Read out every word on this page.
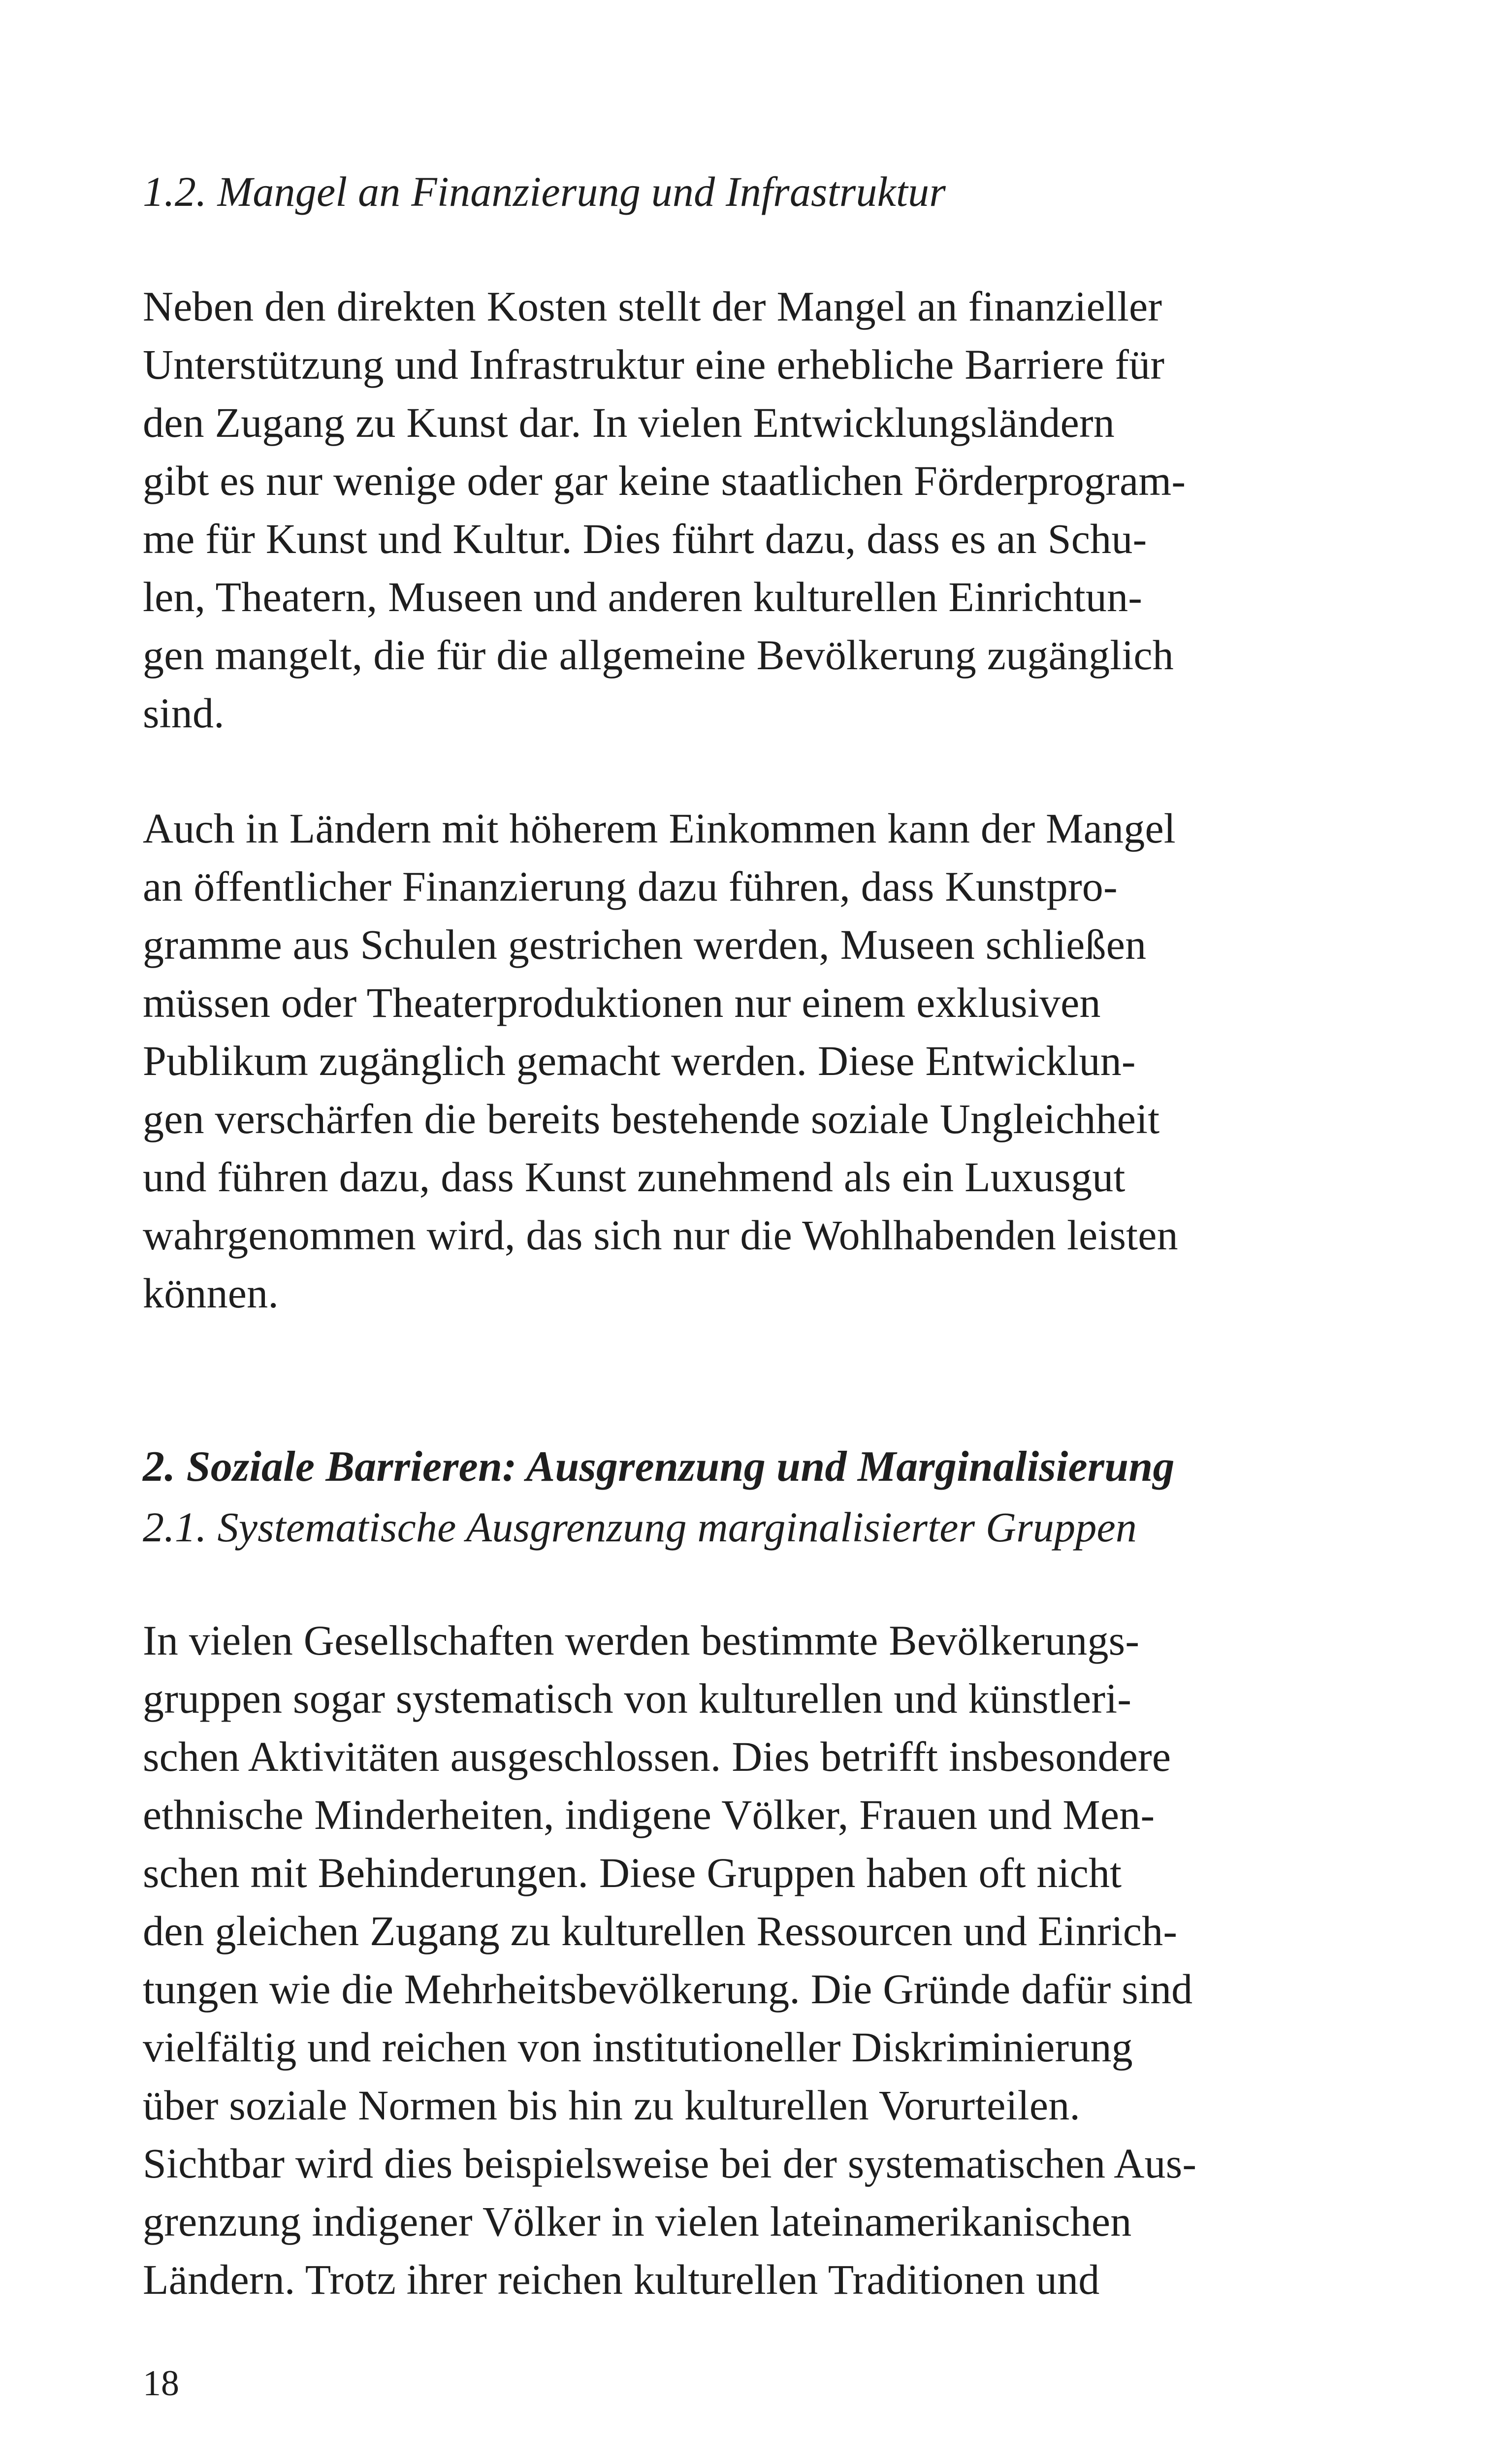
1.2. Mangel an Finanzierung und Infrastruktur
Neben den direkten Kosten stellt der Mangel an finanzieller
Unterstützung und Infrastruktur eine erhebliche Barriere für
den Zugang zu Kunst dar. In vielen Entwicklungsländern
gibt es nur wenige oder gar keine staatlichen Förderprogram-
me für Kunst und Kultur. Dies führt dazu, dass es an Schu-
len, Theatern, Museen und anderen kulturellen Einrichtun-
gen mangelt, die für die allgemeine Bevölkerung zugänglich
sind.
Auch in Ländern mit höherem Einkommen kann der Mangel
an öffentlicher Finanzierung dazu führen, dass Kunstpro-
gramme aus Schulen gestrichen werden, Museen schließen
müssen oder Theaterproduktionen nur einem exklusiven
Publikum zugänglich gemacht werden. Diese Entwicklun-
gen verschärfen die bereits bestehende soziale Ungleichheit
und führen dazu, dass Kunst zunehmend als ein Luxusgut
wahrgenommen wird, das sich nur die Wohlhabenden leisten
können.
2. Soziale Barrieren: Ausgrenzung und Marginalisierung
2.1. Systematische Ausgrenzung marginalisierter Gruppen
In vielen Gesellschaften werden bestimmte Bevölkerungs-
gruppen sogar systematisch von kulturellen und künstleri-
schen Aktivitäten ausgeschlossen. Dies betrifft insbesondere
ethnische Minderheiten, indigene Völker, Frauen und Men-
schen mit Behinderungen. Diese Gruppen haben oft nicht
den gleichen Zugang zu kulturellen Ressourcen und Einrich-
tungen wie die Mehrheitsbevölkerung. Die Gründe dafür sind
vielfältig und reichen von institutioneller Diskriminierung
über soziale Normen bis hin zu kulturellen Vorurteilen.
Sichtbar wird dies beispielsweise bei der systematischen Aus-
grenzung indigener Völker in vielen lateinamerikanischen
Ländern. Trotz ihrer reichen kulturellen Traditionen und
18
